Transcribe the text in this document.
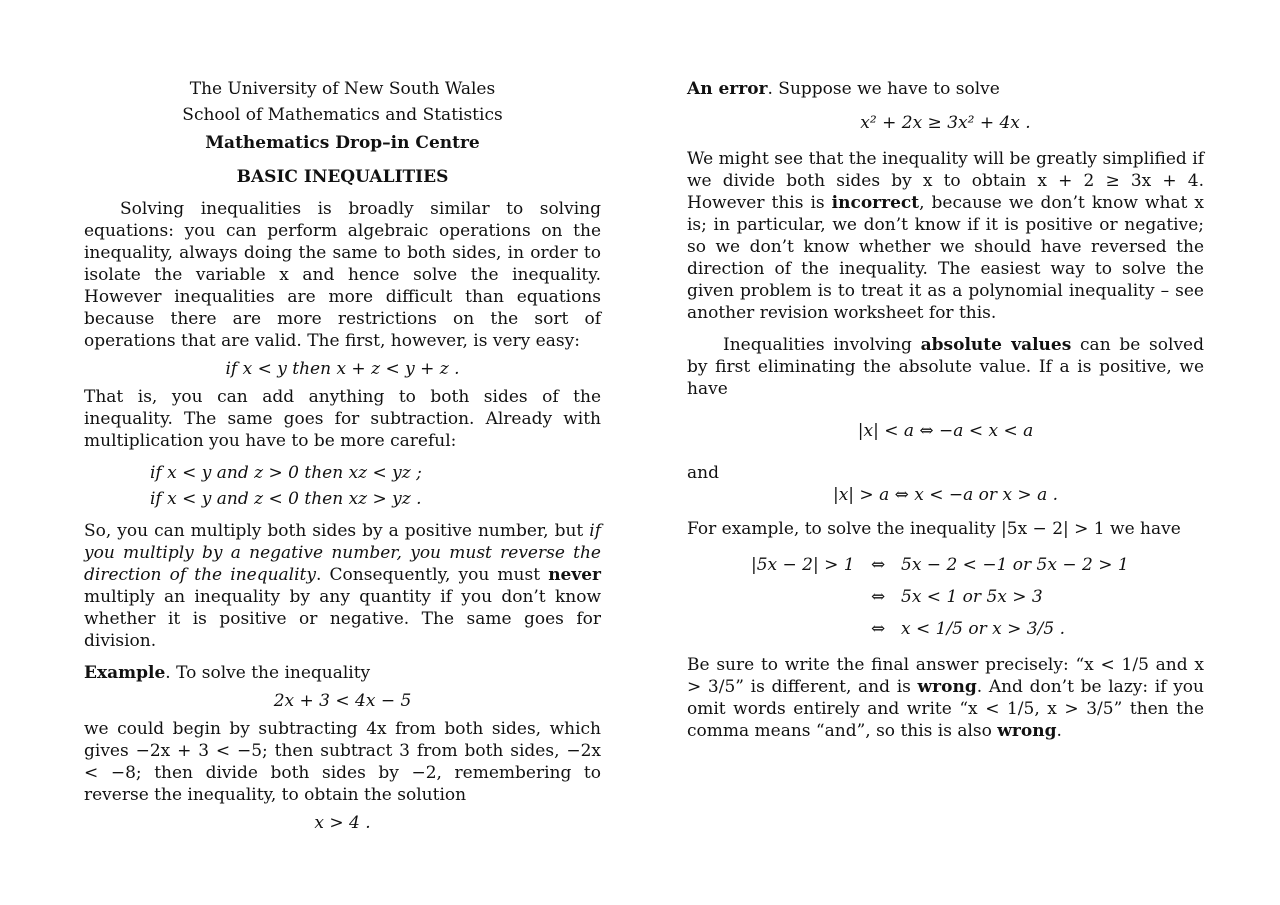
The University of New South Wales
School of Mathematics and Statistics
Mathematics Drop–in Centre
BASIC INEQUALITIES

Solving inequalities is broadly similar to solving equations: you can perform algebraic operations on the inequality, always doing the same to both sides, in order to isolate the variable x and hence solve the inequality. However inequalities are more difficult than equations because there are more restrictions on the sort of operations that are valid. The first, however, is very easy:

if x < y then x + z < y + z .

That is, you can add anything to both sides of the inequality. The same goes for subtraction. Already with multiplication you have to be more careful:

if x < y and z > 0 then xz < yz ;
if x < y and z < 0 then xz > yz .

So, you can multiply both sides by a positive number, but if you multiply by a negative number, you must reverse the direction of the inequality. Consequently, you must never multiply an inequality by any quantity if you don’t know whether it is positive or negative. The same goes for division.

Example. To solve the inequality

2x + 3 < 4x − 5

we could begin by subtracting 4x from both sides, which gives −2x + 3 < −5; then subtract 3 from both sides, −2x < −8; then divide both sides by −2, remembering to reverse the inequality, to obtain the solution

x > 4 .

An error. Suppose we have to solve

x² + 2x ≥ 3x² + 4x .

We might see that the inequality will be greatly simplified if we divide both sides by x to obtain x + 2 ≥ 3x + 4. However this is incorrect, because we don’t know what x is; in particular, we don’t know if it is positive or negative; so we don’t know whether we should have reversed the direction of the inequality. The easiest way to solve the given problem is to treat it as a polynomial inequality – see another revision worksheet for this.

Inequalities involving absolute values can be solved by first eliminating the absolute value. If a is positive, we have

|x| < a ⇔ −a < x < a

and

|x| > a ⇔ x < −a or x > a .

For example, to solve the inequality |5x − 2| > 1 we have

|5x − 2| > 1 ⇔ 5x − 2 < −1 or 5x − 2 > 1
⇔ 5x < 1 or 5x > 3
⇔ x < 1/5 or x > 3/5 .

Be sure to write the final answer precisely: “x < 1/5 and x > 3/5” is different, and is wrong. And don’t be lazy: if you omit words entirely and write “x < 1/5, x > 3/5” then the comma means “and”, so this is also wrong.
